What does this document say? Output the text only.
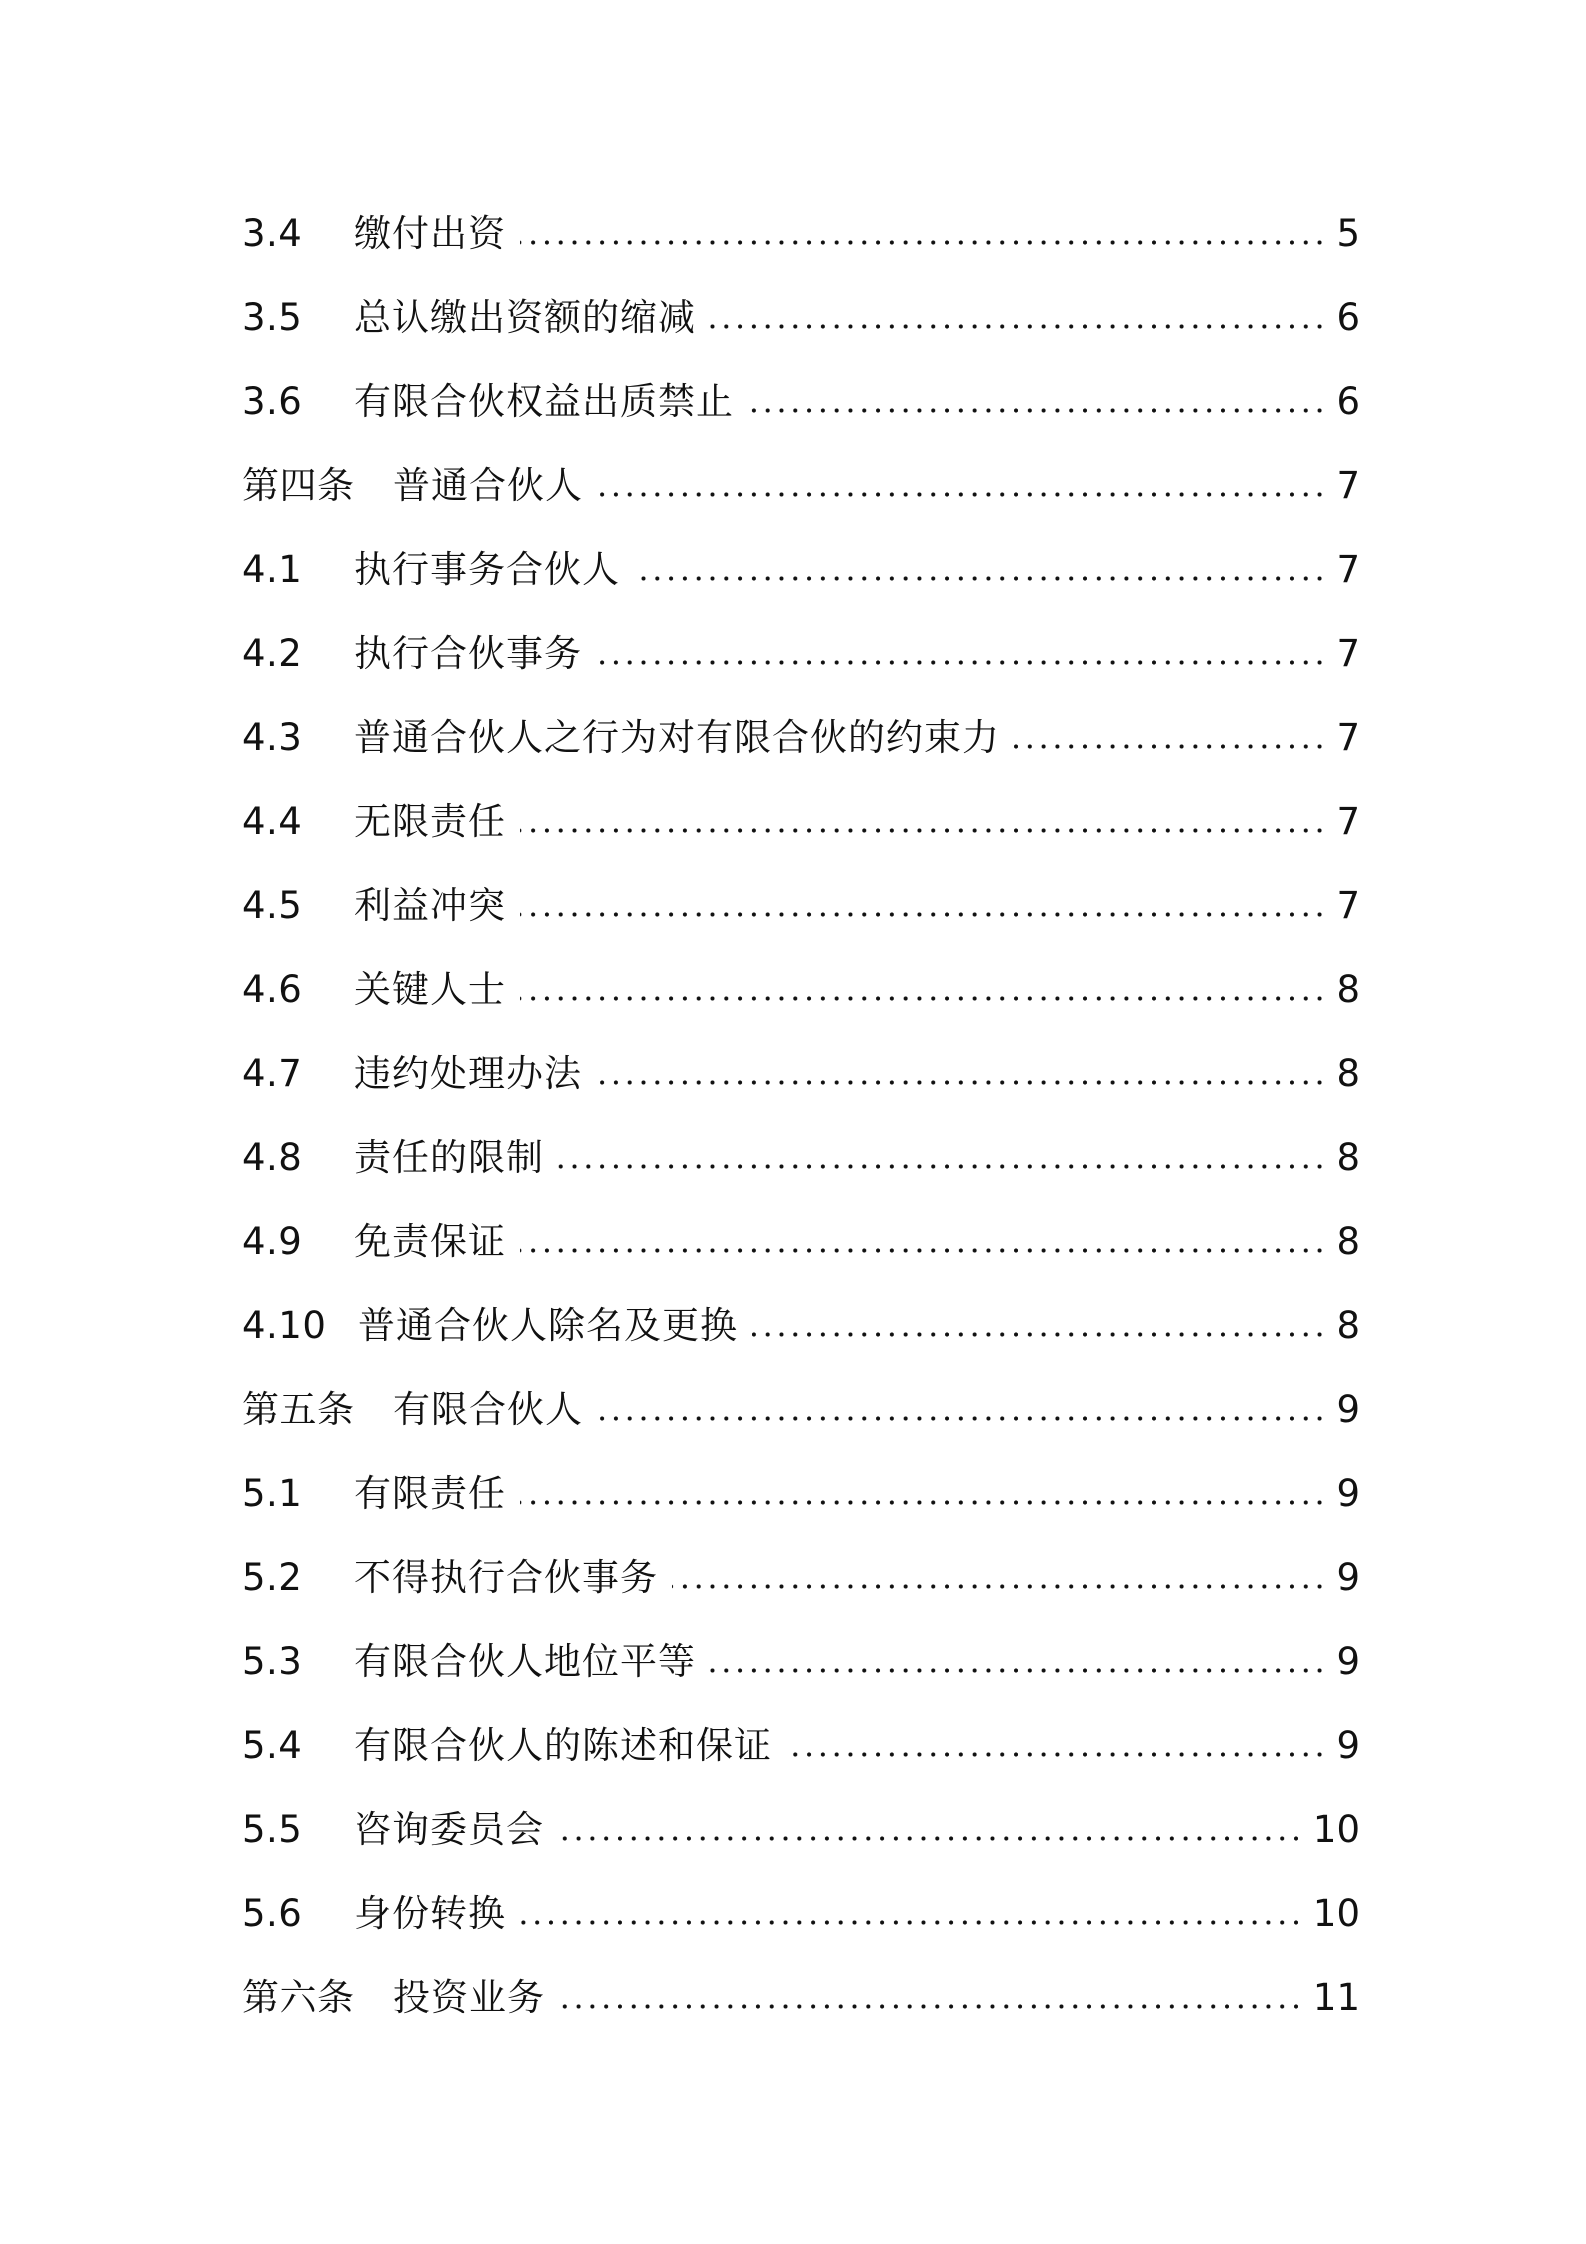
3.4	缴付出资	5
3.5	总认缴出资额的缩减	6
3.6	有限合伙权益出质禁止	6
第四条	普通合伙人	7
4.1	执行事务合伙人	7
4.2	执行合伙事务	7
4.3	普通合伙人之行为对有限合伙的约束力	7
4.4	无限责任	7
4.5	利益冲突	7
4.6	关键人士	8
4.7	违约处理办法	8
4.8	责任的限制	8
4.9	免责保证	8
4.10 普通合伙人除名及更换	8
第五条	有限合伙人	9
5.1	有限责任	9
5.2	不得执行合伙事务	9
5.3	有限合伙人地位平等	9
5.4	有限合伙人的陈述和保证	9
5.5	咨询委员会	10
5.6	身份转换	10
第六条	投资业务	11
